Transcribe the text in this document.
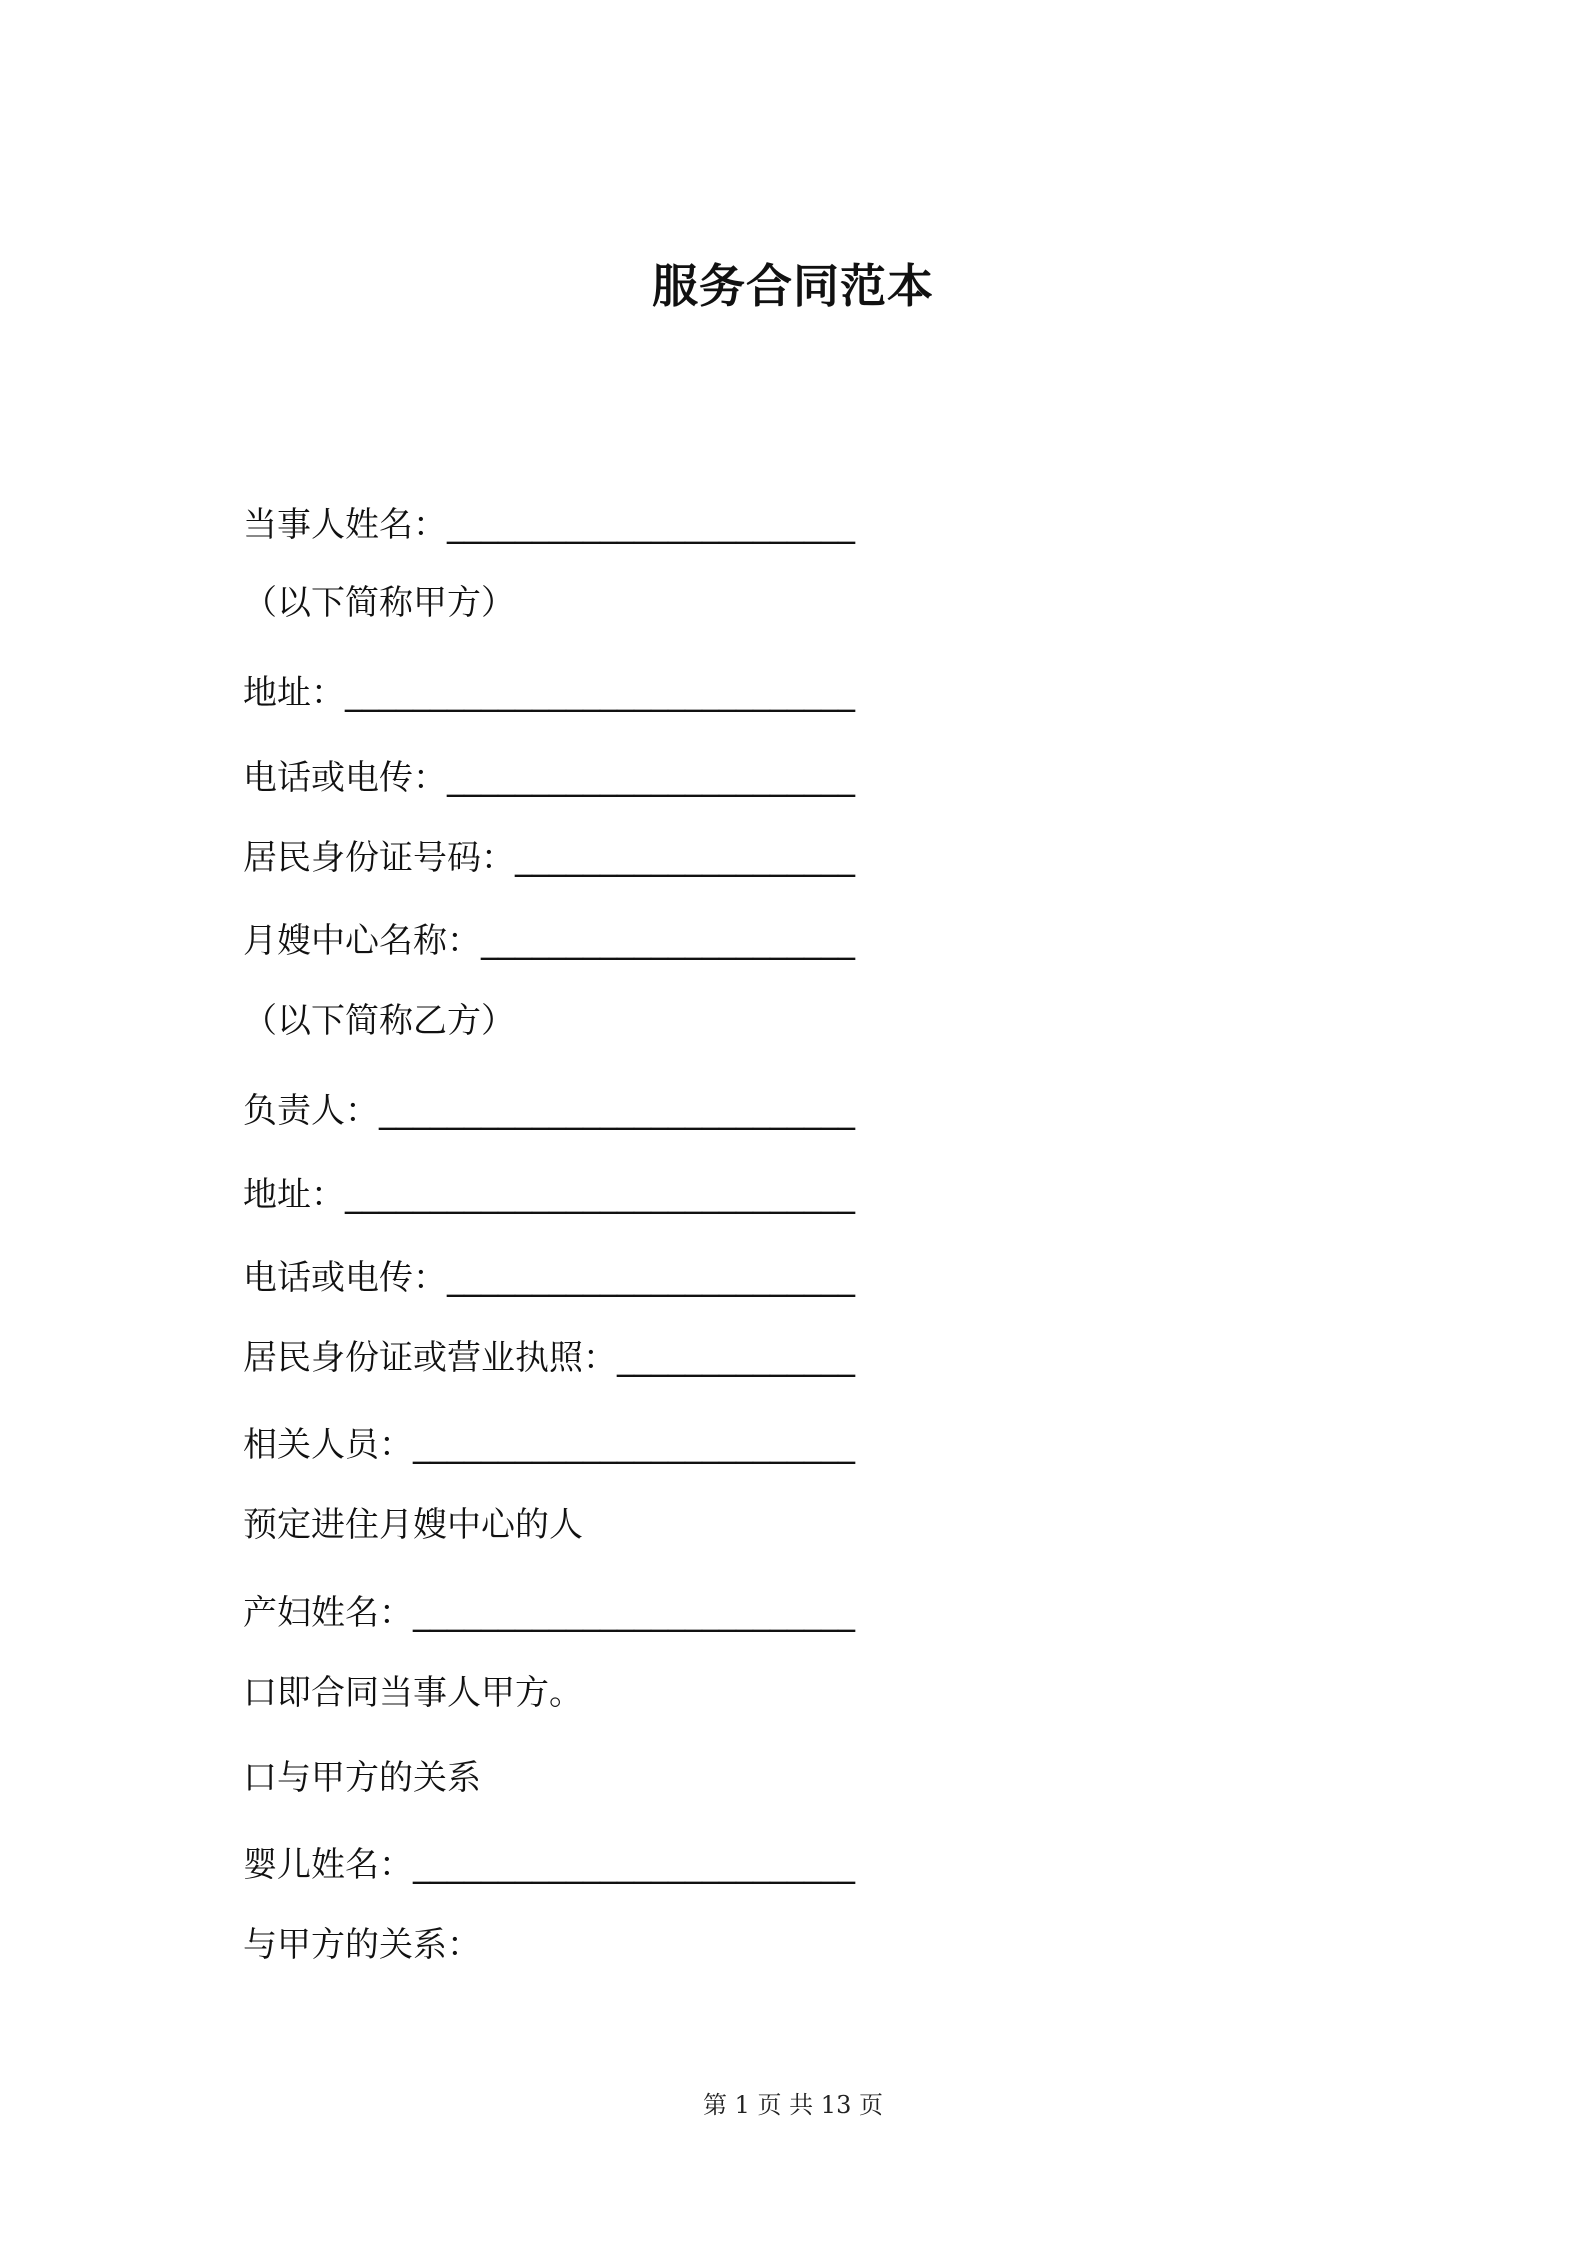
服务合同范本
当事人姓名：________________________
（以下简称甲方）
地址：______________________________
电话或电传：________________________
居民身份证号码：____________________
月嫂中心名称：______________________
（以下简称乙方）
负责人：____________________________
地址：______________________________
电话或电传：________________________
居民身份证或营业执照：______________
相关人员：__________________________
预定进住月嫂中心的人
产妇姓名：__________________________
口即合同当事人甲方。
口与甲方的关系
婴儿姓名：__________________________
与甲方的关系：
第 1 页 共 13 页
